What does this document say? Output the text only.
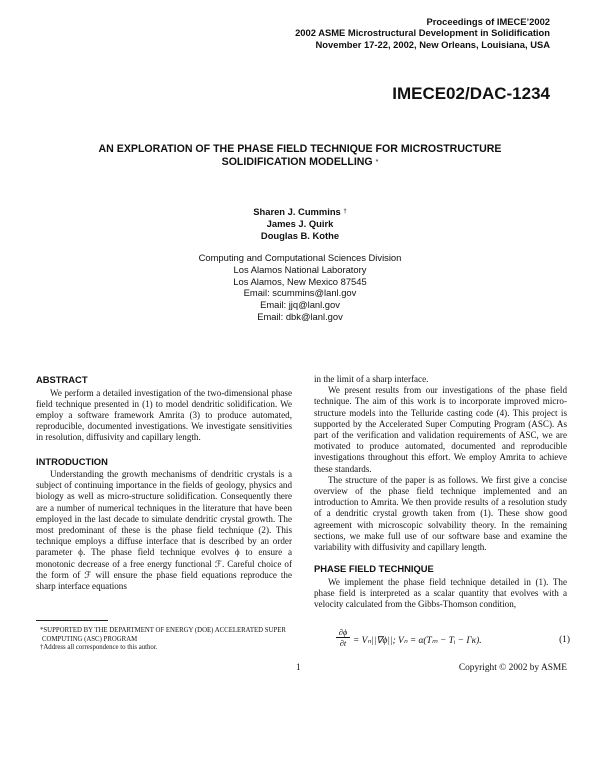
Proceedings of IMECE’2002
2002 ASME Microstructural Development in Solidification
November 17-22, 2002, New Orleans, Louisiana, USA
IMECE02/DAC-1234
AN EXPLORATION OF THE PHASE FIELD TECHNIQUE FOR MICROSTRUCTURE
SOLIDIFICATION MODELLING *
Sharen J. Cummins †
James J. Quirk
Douglas B. Kothe
Computing and Computational Sciences Division
Los Alamos National Laboratory
Los Alamos, New Mexico 87545
Email: scummins@lanl.gov
Email: jjq@lanl.gov
Email: dbk@lanl.gov
ABSTRACT

We perform a detailed investigation of the two-dimensional phase field technique presented in (1) to model dendritic solidification. We employ a software framework Amrita (3) to produce automated, reproducible, documented investigations. We investigate sensitivities in resolution, diffusivity and capillary length.

INTRODUCTION

Understanding the growth mechanisms of dendritic crystals is a subject of continuing importance in the fields of geology, physics and biology as well as micro-structure solidification. Consequently there are a number of numerical techniques in the literature that have been employed in the last decade to simulate dendritic crystal growth. The most predominant of these is the phase field technique (2). This technique employs a diffuse interface that is described by an order parameter ϕ. The phase field technique evolves ϕ to ensure a monotonic decrease of a free energy functional ℱ. Careful choice of the form of ℱ will ensure the phase field equations reproduce the sharp interface equations

in the limit of a sharp interface.

We present results from our investigations of the phase field technique. The aim of this work is to incorporate improved micro-structure models into the Telluride casting code (4). This project is supported by the Accelerated Super Computing Program (ASC). As part of the verification and validation requirements of ASC, we are motivated to produce automated, documented and reproducible investigations throughout this effort. We employ Amrita to achieve these standards.

The structure of the paper is as follows. We first give a concise overview of the phase field technique implemented and an introduction to Amrita. We then provide results of a resolution study of a dendritic crystal growth taken from (1). These show good agreement with microscopic solvability theory. In the remaining sections, we make full use of our software base and examine the variability with diffusivity and capillary length.

PHASE FIELD TECHNIQUE

We implement the phase field technique detailed in (1). The phase field is interpreted as a scalar quantity that evolves with a velocity calculated from the Gibbs-Thomson condition,

$\frac{\partial\phi}{\partial t} = V_n||\nabla\phi||$; Vₙ = α(Tₘ − Tᵢ − Γκ).	(1)
*SUPPORTED BY THE DEPARTMENT OF ENERGY (DOE) ACCELERATED SUPER COMPUTING (ASC) PROGRAM
†Address all correspondence to this author.
1	Copyright © 2002 by ASME
